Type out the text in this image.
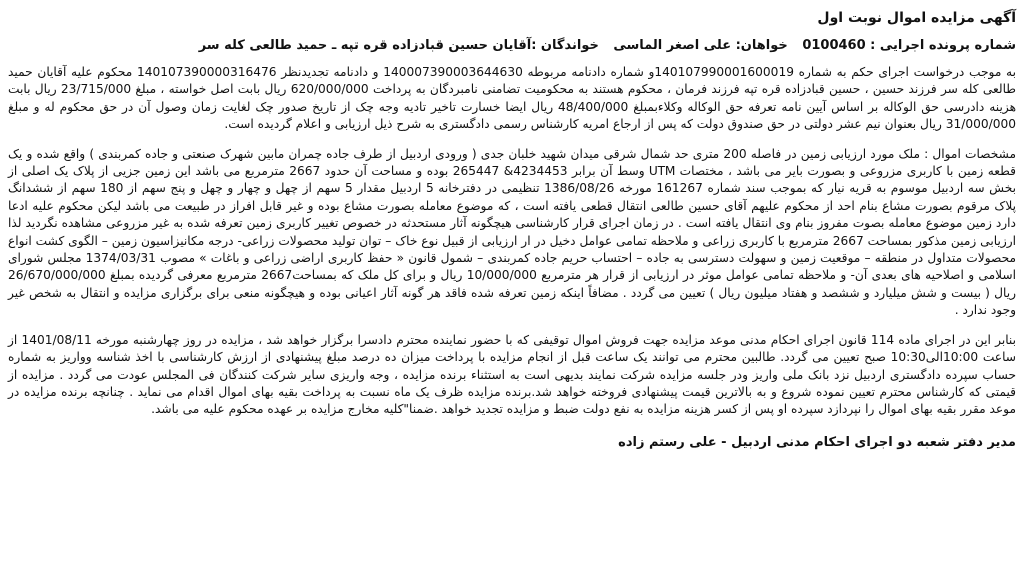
آگهی مزایده اموال نوبت اول
شماره پرونده اجرایی : 0100460 خواهان: علی اصغر الماسی خواندگان :آقایان حسین قبادزاده قره تپه ـ حمید طالعی کله سر

به موجب درخواست اجرای حکم به شماره 140107990001600019و شماره دادنامه مربوطه 140007390003644630 و دادنامه تجدیدنظر 140107390000316476 محکوم علیه آقایان حمید طالعی کله سر فرزند حسین ، حسین قبادزاده قره تپه فرزند فرمان ، محکوم هستند به محکومیت تضامنی نامبردگان به پرداخت 620/000/000 ریال بابت اصل خواسته ، مبلغ 23/715/000 ریال بابت هزینه دادرسی حق الوکاله بر اساس آیین نامه تعرفه حق الوکاله وکلاءبمبلغ 48/400/000 ریال ایضا خسارت تاخیر تادیه وجه چک از تاریخ صدور چک لغایت زمان وصول آن در حق محکوم له و مبلغ 31/000/000 ریال بعنوان نیم عشر دولتی در حق صندوق دولت که پس از ارجاع امریه کارشناس رسمی دادگستری به شرح ذیل ارزیابی و اعلام گردیده است.

مشخصات اموال : ملک مورد ارزیابی زمین در فاصله 200 متری حد شمال شرقی میدان شهید خلبان جدی ( ورودی اردبیل از طرف جاده چمران مابین شهرک صنعتی و جاده کمربندی ) واقع شده و یک قطعه زمین با کاربری مزروعی و بصورت بایر می باشد ، مختصات UTM وسط آن برابر 4234453& 265447 بوده و مساحت آن حدود 2667 مترمربع می باشد این زمین جزیی از پلاک یک اصلی از بخش سه اردبیل موسوم به قریه نیار که بموجب سند شماره 161267 مورخه 1386/08/26 تنظیمی در دفترخانه 5 اردبیل مقدار 5 سهم از چهل و چهار و چهل و پنج سهم از 180 سهم از ششدانگ پلاک مرقوم بصورت مشاع بنام احد از محکوم علیهم آقای حسین طالعی انتقال قطعی یافته است ، که موضوع معامله بصورت مشاع بوده و غیر قابل افراز در طبیعت می باشد لیکن محکوم علیه ادعا دارد زمین موضوع معامله بصوت مفروز بنام وی انتقال یافته است . در زمان اجرای قرار کارشناسی هیچگونه آثار مستحدثه در خصوص تغییر کاربری زمین تعرفه شده به غیر مزروعی مشاهده نگردید لذا ارزیابی زمین مذکور بمساحت 2667 مترمربع با کاربری زراعی و ملاحظه تمامی عوامل دخیل در ار ارزیابی از قبیل نوع خاک – توان تولید محصولات زراعی- درجه مکانیزاسیون زمین – الگوی کشت انواع محصولات متداول در منطقه – موقعیت زمین و سهولت دسترسی به جاده – احتساب حریم جاده کمربندی – شمول قانون « حفظ کاربری اراضی زراعی و باغات » مصوب 1374/03/31 مجلس شورای اسلامی و اصلاحیه های بعدی آن- و ملاحظه تمامی عوامل موثر در ارزیابی از قرار هر مترمربع 10/000/000 ریال و برای کل ملک که بمساحت2667 مترمربع معرفی گردیده بمبلغ 26/670/000/000 ریال ( بیست و شش میلیارد و ششصد و هفتاد میلیون ریال ) تعیین می گردد . مضافاً اینکه زمین تعرفه شده فاقد هر گونه آثار اعیانی بوده و هیچگونه منعی برای برگزاری مزایده و انتقال به شخص غیر وجود ندارد .

بنابر این در اجرای ماده 114 قانون اجرای احکام مدنی موعد مزایده جهت فروش اموال توقیفی که با حضور نماینده محترم دادسرا برگزار خواهد شد ، مزایده در روز چهارشنبه مورخه 1401/08/11 از ساعت 10:00الی10:30 صبح تعیین می گردد. طالبین محترم می توانند یک ساعت قبل از انجام مزایده با پرداخت میزان ده درصد مبلغ پیشنهادی از ارزش کارشناسی با اخذ شناسه وواریز به شماره حساب سپرده دادگستری اردبیل نزد بانک ملی واریز ودر جلسه مزایده شرکت نمایند بدیهی است به استثناء برنده مزایده ، وجه واریزی سایر شرکت کنندگان فی المجلس عودت می گردد . مزایده از قیمتی که کارشناس محترم تعیین نموده شروع و به بالاترین قیمت پیشنهادی فروخته خواهد شد.برنده مزایده ظرف یک ماه نسبت به پرداخت بقیه بهای اموال اقدام می نماید . چنانچه برنده مزایده در موعد مقرر بقیه بهای اموال را نپردازد سپرده او پس از کسر هزینه مزایده به نفع دولت ضبط و مزایده تجدید خواهد .ضمنا"کلیه مخارج مزایده بر عهده محکوم علیه می باشد.

مدیر دفتر شعبه دو اجرای احکام مدنی اردبیل - علی رستم زاده
